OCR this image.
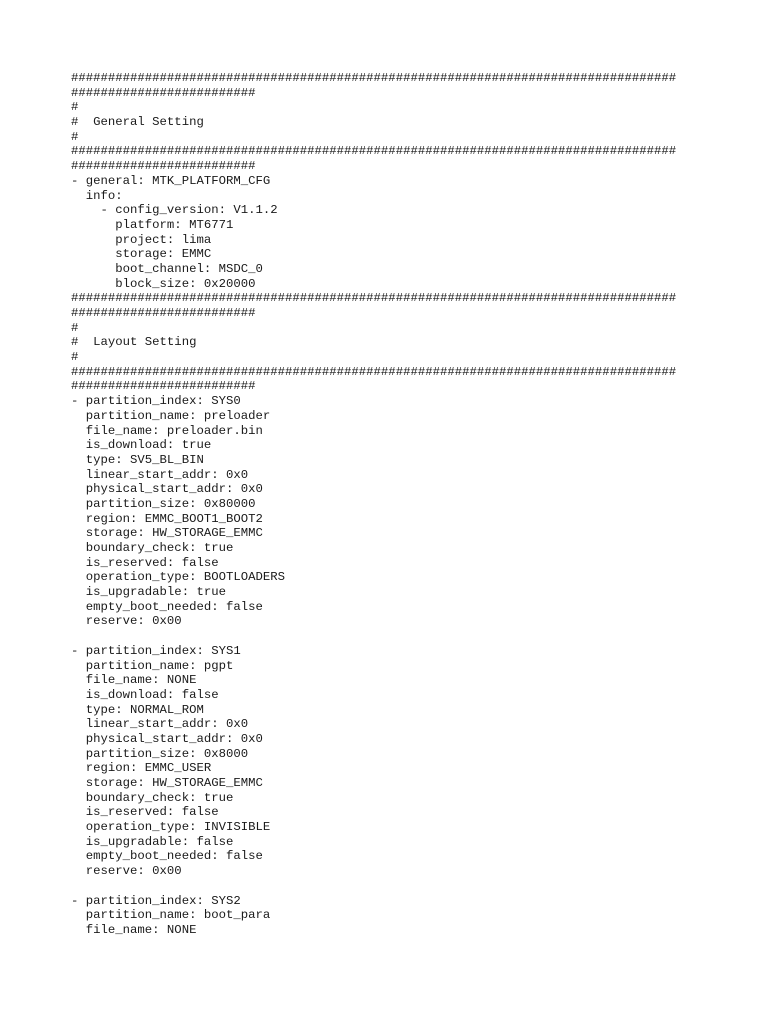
##################################################################################
#########################
#
#  General Setting
#
##################################################################################
#########################
- general: MTK_PLATFORM_CFG
info:
- config_version: V1.1.2
platform: MT6771
project: lima
storage: EMMC
boot_channel: MSDC_0
block_size: 0x20000
##################################################################################
#########################
#
#  Layout Setting
#
##################################################################################
#########################
- partition_index: SYS0
partition_name: preloader
file_name: preloader.bin
is_download: true
type: SV5_BL_BIN
linear_start_addr: 0x0
physical_start_addr: 0x0
partition_size: 0x80000
region: EMMC_BOOT1_BOOT2
storage: HW_STORAGE_EMMC
boundary_check: true
is_reserved: false
operation_type: BOOTLOADERS
is_upgradable: true
empty_boot_needed: false
reserve: 0x00
- partition_index: SYS1
partition_name: pgpt
file_name: NONE
is_download: false
type: NORMAL_ROM
linear_start_addr: 0x0
physical_start_addr: 0x0
partition_size: 0x8000
region: EMMC_USER
storage: HW_STORAGE_EMMC
boundary_check: true
is_reserved: false
operation_type: INVISIBLE
is_upgradable: false
empty_boot_needed: false
reserve: 0x00
- partition_index: SYS2
partition_name: boot_para
file_name: NONE
